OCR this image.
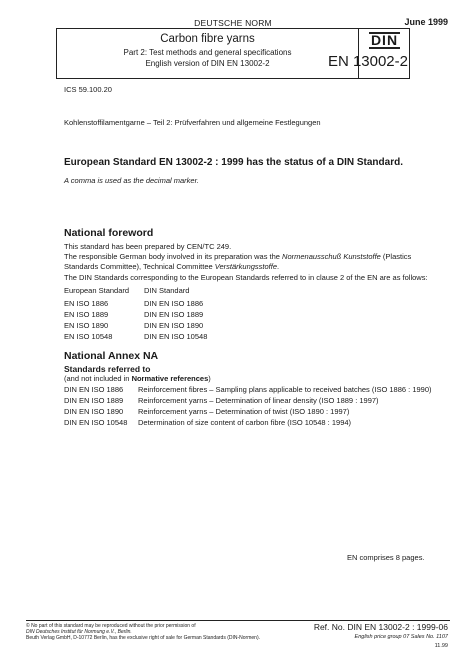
DEUTSCHE NORM	June 1999
Carbon fibre yarns
Part 2: Test methods and general specifications
English version of DIN EN 13002-2
DIN
EN 13002-2
ICS 59.100.20
Kohlenstoffilamentgarne – Teil 2: Prüfverfahren und allgemeine Festlegungen
European Standard EN 13002-2 : 1999 has the status of a DIN Standard.
A comma is used as the decimal marker.
National foreword
This standard has been prepared by CEN/TC 249.
The responsible German body involved in its preparation was the Normenausschuß Kunststoffe (Plastics
Standards Committee), Technical Committee Verstärkungsstoffe.
The DIN Standards corresponding to the European Standards referred to in clause 2 of the EN are as follows:
European Standard DIN Standard
EN ISO 1886	DIN EN ISO 1886
EN ISO 1889	DIN EN ISO 1889
EN ISO 1890	DIN EN ISO 1890
EN ISO 10548	DIN EN ISO 10548
National Annex NA
Standards referred to
(and not included in Normative references)
DIN EN ISO 1886 Reinforcement fibres – Sampling plans applicable to received batches (ISO 1886 : 1990)
DIN EN ISO 1889 Reinforcement yarns – Determination of linear density (ISO 1889 : 1997)
DIN EN ISO 1890 Reinforcement yarns – Determination of twist (ISO 1890 : 1997)
DIN EN ISO 10548 Determination of size content of carbon fibre (ISO 10548 : 1994)
EN comprises 8 pages.
© No part of this standard may be reproduced without the prior permission of
DIN Deutsches Institut für Normung e.V., Berlin.
Beuth Verlag GmbH, D-10772 Berlin, has the exclusive right of sale for German Standards (DIN-Normen).
Ref. No. DIN EN 13002-2 : 1999-06
English price group 07 Sales No. 1107
11.99
